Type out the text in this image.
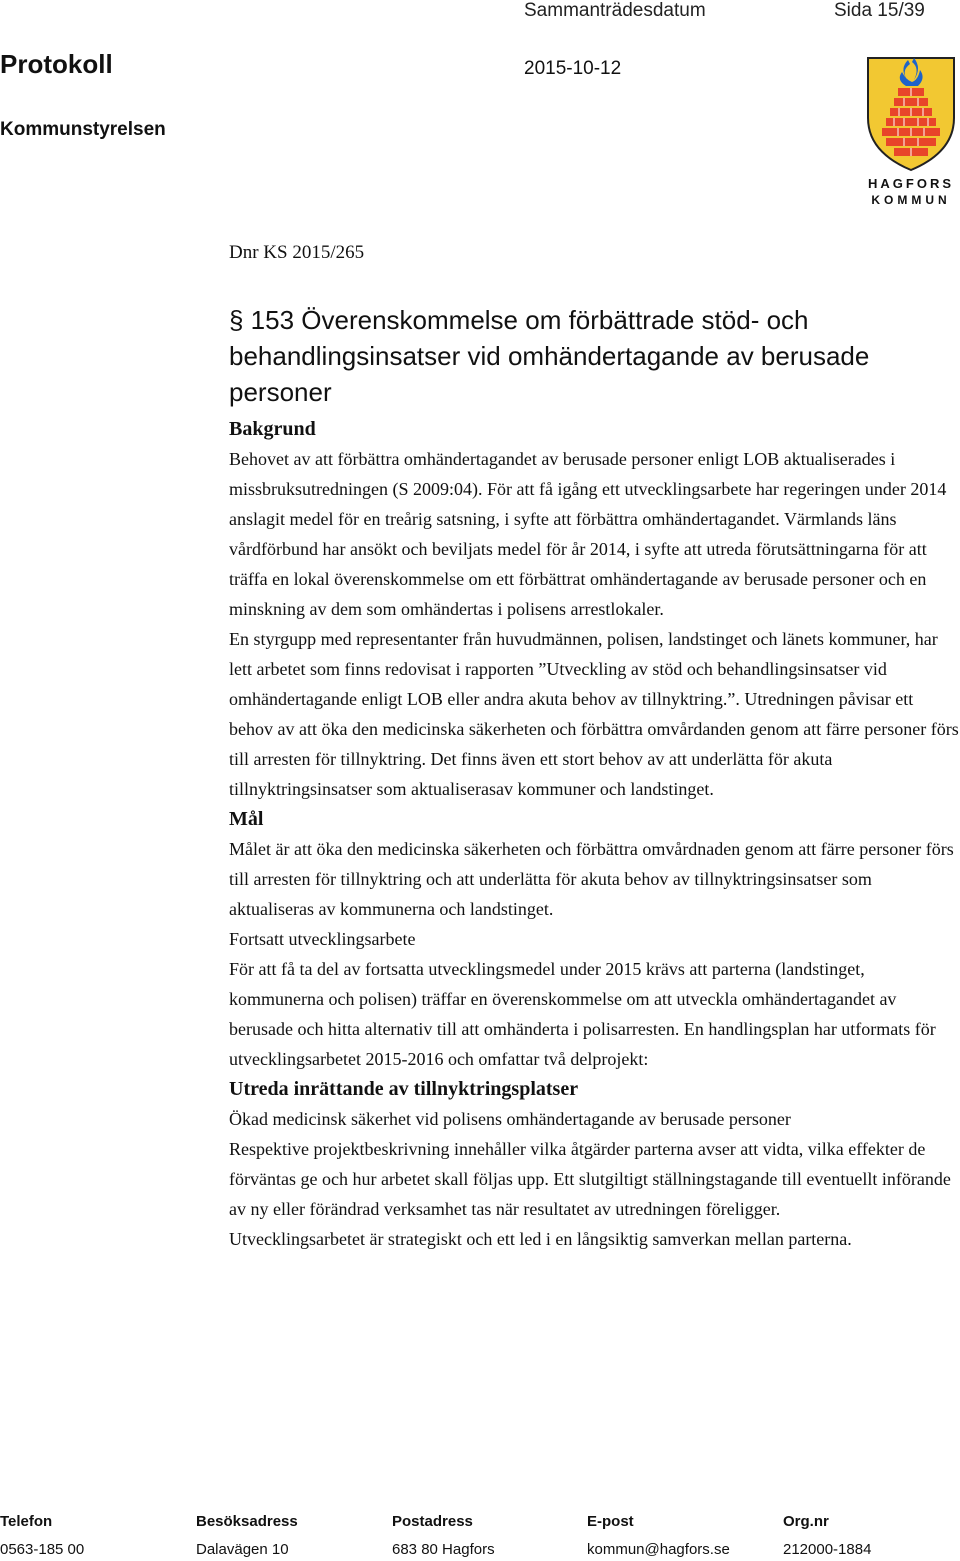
Sammanträdesdatum	Sida 15/39
Protokoll	2015-10-12
Kommunstyrelsen
HAGFORS
KOMMUN
Dnr KS 2015/265
§ 153 Överenskommelse om förbättrade stöd- och behandlingsinsatser vid omhändertagande av berusade personer
Bakgrund

Behovet av att förbättra omhändertagandet av berusade personer enligt LOB aktualiserades i missbruksutredningen (S 2009:04). För att få igång ett utvecklingsarbete har regeringen under 2014 anslagit medel för en treårig satsning, i syfte att förbättra omhändertagandet. Värmlands läns vårdförbund har ansökt och beviljats medel för år 2014, i syfte att utreda förutsättningarna för att träffa en lokal överenskommelse om ett förbättrat omhändertagande av berusade personer och en minskning av dem som omhändertas i polisens arrestlokaler.

En styrgupp med representanter från huvudmännen, polisen, landstinget och länets kommuner, har lett arbetet som finns redovisat i rapporten ”Utveckling av stöd och behandlingsinsatser vid omhändertagande enligt LOB eller andra akuta behov av tillnyktring.”. Utredningen påvisar ett behov av att öka den medicinska säkerheten och förbättra omvårdanden genom att färre personer förs till arresten för tillnyktring. Det finns även ett stort behov av att underlätta för akuta tillnyktringsinsatser som aktualiserasav kommuner och landstinget.

Mål

Målet är att öka den medicinska säkerheten och förbättra omvårdnaden genom att färre personer förs till arresten för tillnyktring och att underlätta för akuta behov av tillnyktringsinsatser som aktualiseras av kommunerna och landstinget.

Fortsatt utvecklingsarbete

För att få ta del av fortsatta utvecklingsmedel under 2015 krävs att parterna (landstinget, kommunerna och polisen) träffar en överenskommelse om att utveckla omhändertagandet av berusade och hitta alternativ till att omhänderta i polisarresten. En handlingsplan har utformats för utvecklingsarbetet 2015-2016 och omfattar två delprojekt:

Utreda inrättande av tillnyktringsplatser

Ökad medicinsk säkerhet vid polisens omhändertagande av berusade personer

Respektive projektbeskrivning innehåller vilka åtgärder parterna avser att vidta, vilka effekter de förväntas ge och hur arbetet skall följas upp. Ett slutgiltigt ställningstagande till eventuellt införande av ny eller förändrad verksamhet tas när resultatet av utredningen föreligger.

Utvecklingsarbetet är strategiskt och ett led i en långsiktig samverkan mellan parterna.

Telefon
0563-185 00
Besöksadress
Dalavägen 10
Postadress
683 80 Hagfors
E-post
kommun@hagfors.se
Org.nr
212000-1884
